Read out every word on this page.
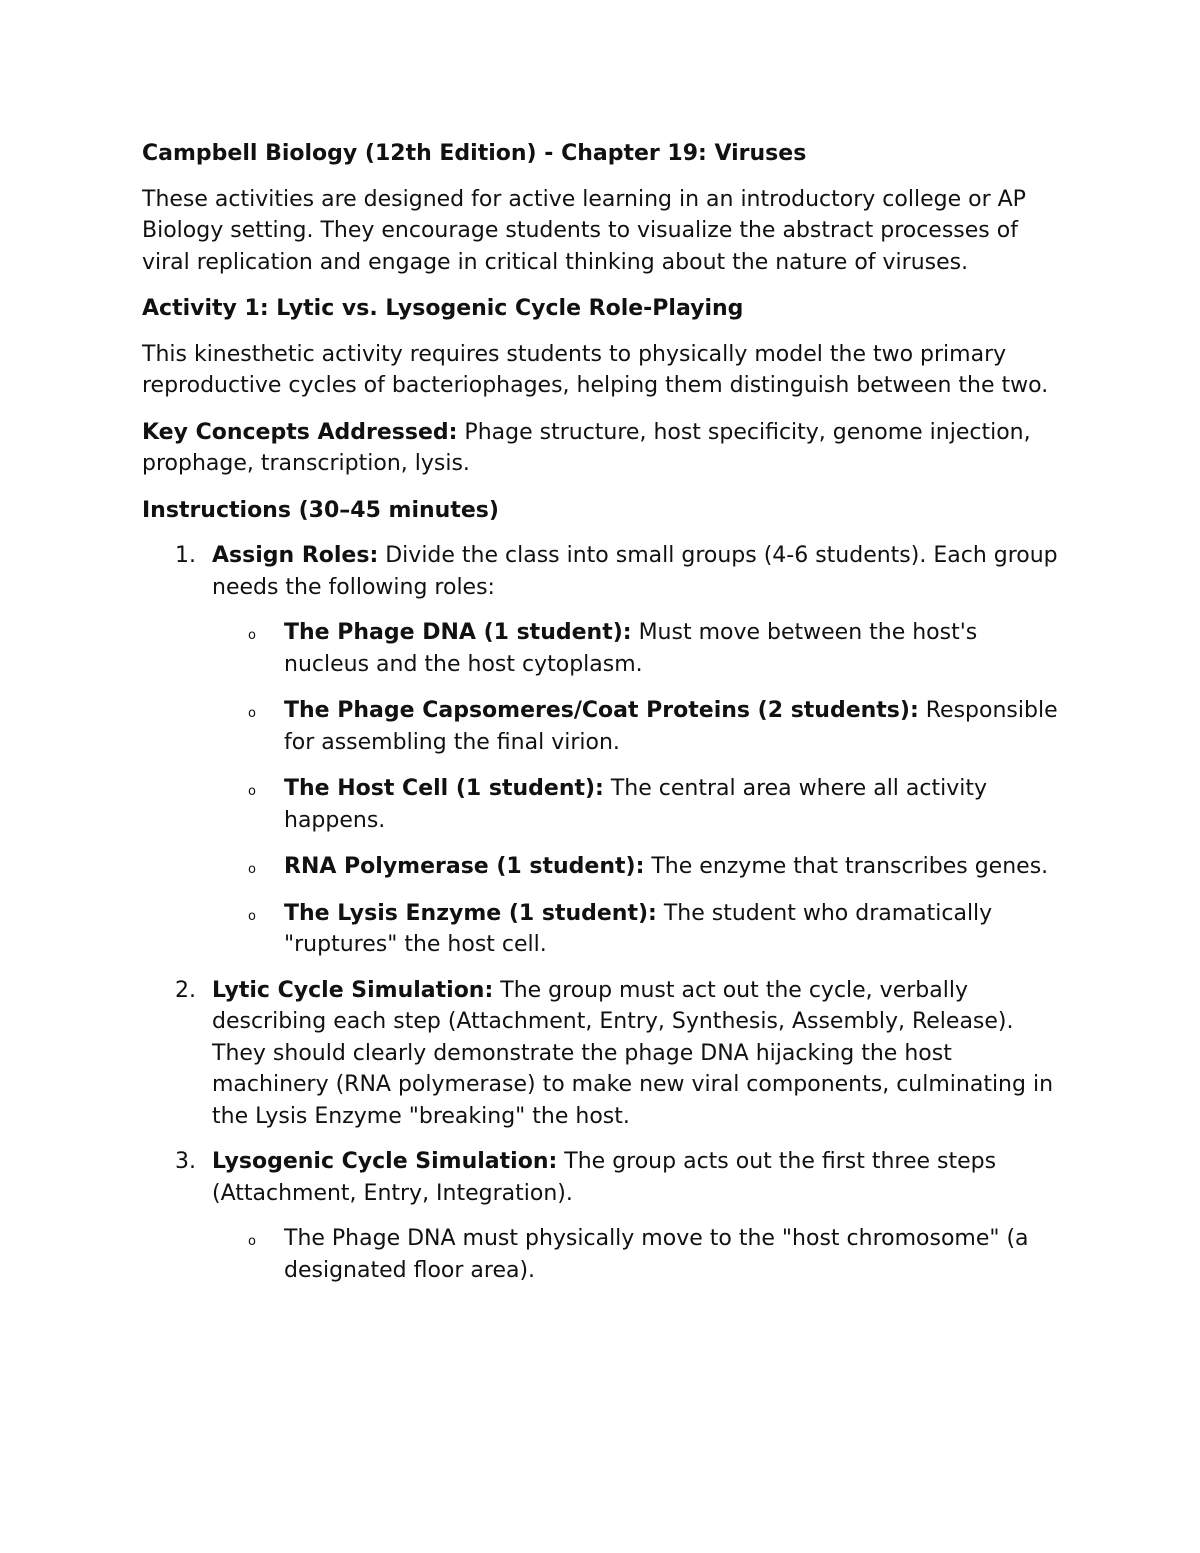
Campbell Biology (12th Edition) - Chapter 19: Viruses

These activities are designed for active learning in an introductory college or AP Biology setting. They encourage students to visualize the abstract processes of viral replication and engage in critical thinking about the nature of viruses.

Activity 1: Lytic vs. Lysogenic Cycle Role-Playing

This kinesthetic activity requires students to physically model the two primary reproductive cycles of bacteriophages, helping them distinguish between the two.

Key Concepts Addressed: Phage structure, host specificity, genome injection, prophage, transcription, lysis.

Instructions (30–45 minutes)

1. Assign Roles: Divide the class into small groups (4-6 students). Each group needs the following roles:
o The Phage DNA (1 student): Must move between the host's nucleus and the host cytoplasm.
o The Phage Capsomeres/Coat Proteins (2 students): Responsible for assembling the final virion.
o The Host Cell (1 student): The central area where all activity happens.
o RNA Polymerase (1 student): The enzyme that transcribes genes.
o The Lysis Enzyme (1 student): The student who dramatically "ruptures" the host cell.
2. Lytic Cycle Simulation: The group must act out the cycle, verbally describing each step (Attachment, Entry, Synthesis, Assembly, Release). They should clearly demonstrate the phage DNA hijacking the host machinery (RNA polymerase) to make new viral components, culminating in the Lysis Enzyme "breaking" the host.
3. Lysogenic Cycle Simulation: The group acts out the first three steps (Attachment, Entry, Integration).
o The Phage DNA must physically move to the "host chromosome" (a designated floor area).
